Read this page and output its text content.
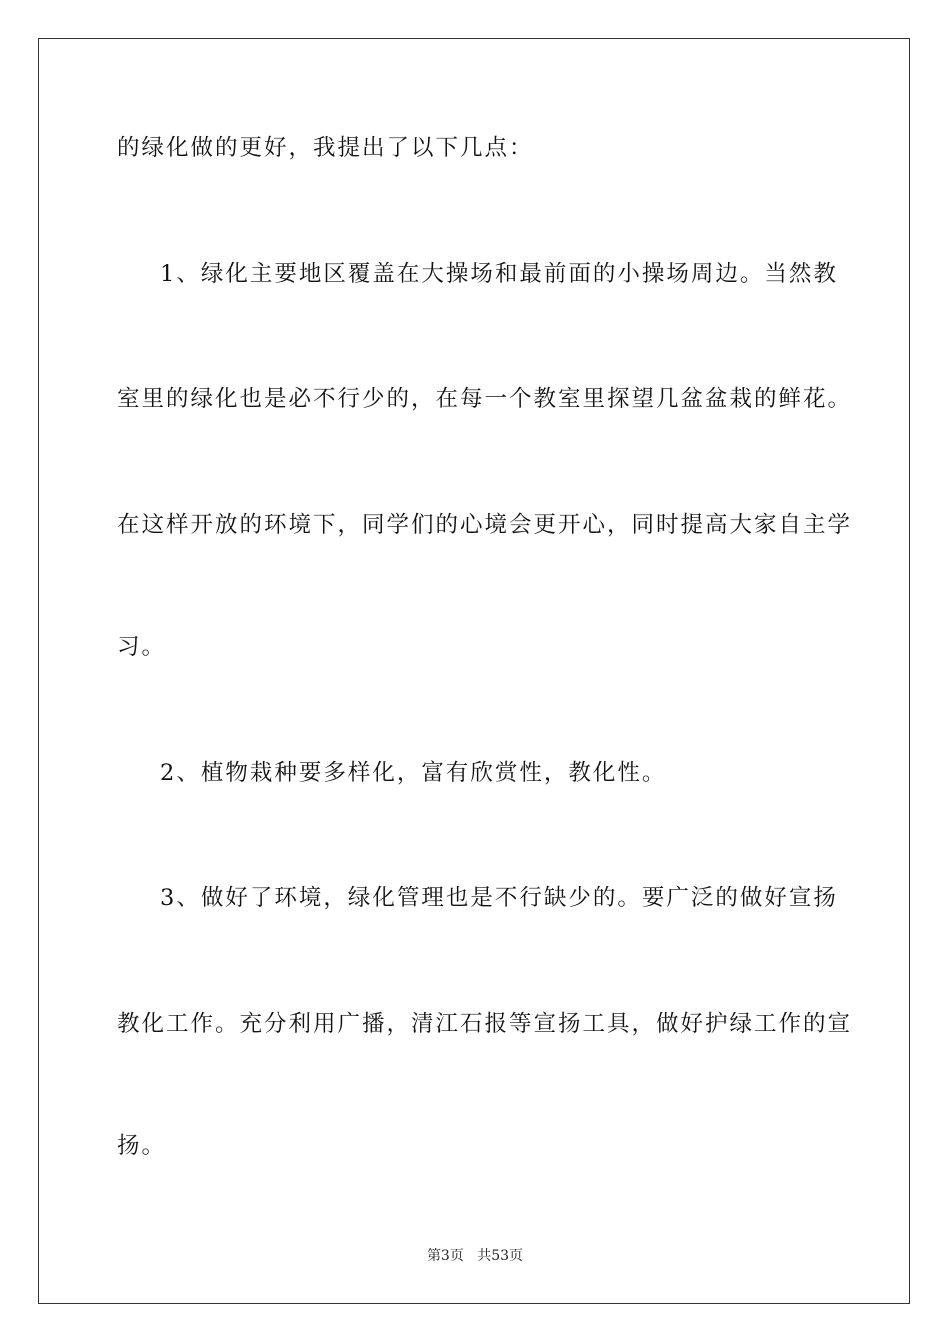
的绿化做的更好，我提出了以下几点：
1、绿化主要地区覆盖在大操场和最前面的小操场周边。当然教
室里的绿化也是必不行少的，在每一个教室里探望几盆盆栽的鲜花。
在这样开放的环境下，同学们的心境会更开心，同时提高大家自主学
习。
2、植物栽种要多样化，富有欣赏性，教化性。
3、做好了环境，绿化管理也是不行缺少的。要广泛的做好宣扬
教化工作。充分利用广播，清江石报等宣扬工具，做好护绿工作的宣
扬。
第3页 共53页
